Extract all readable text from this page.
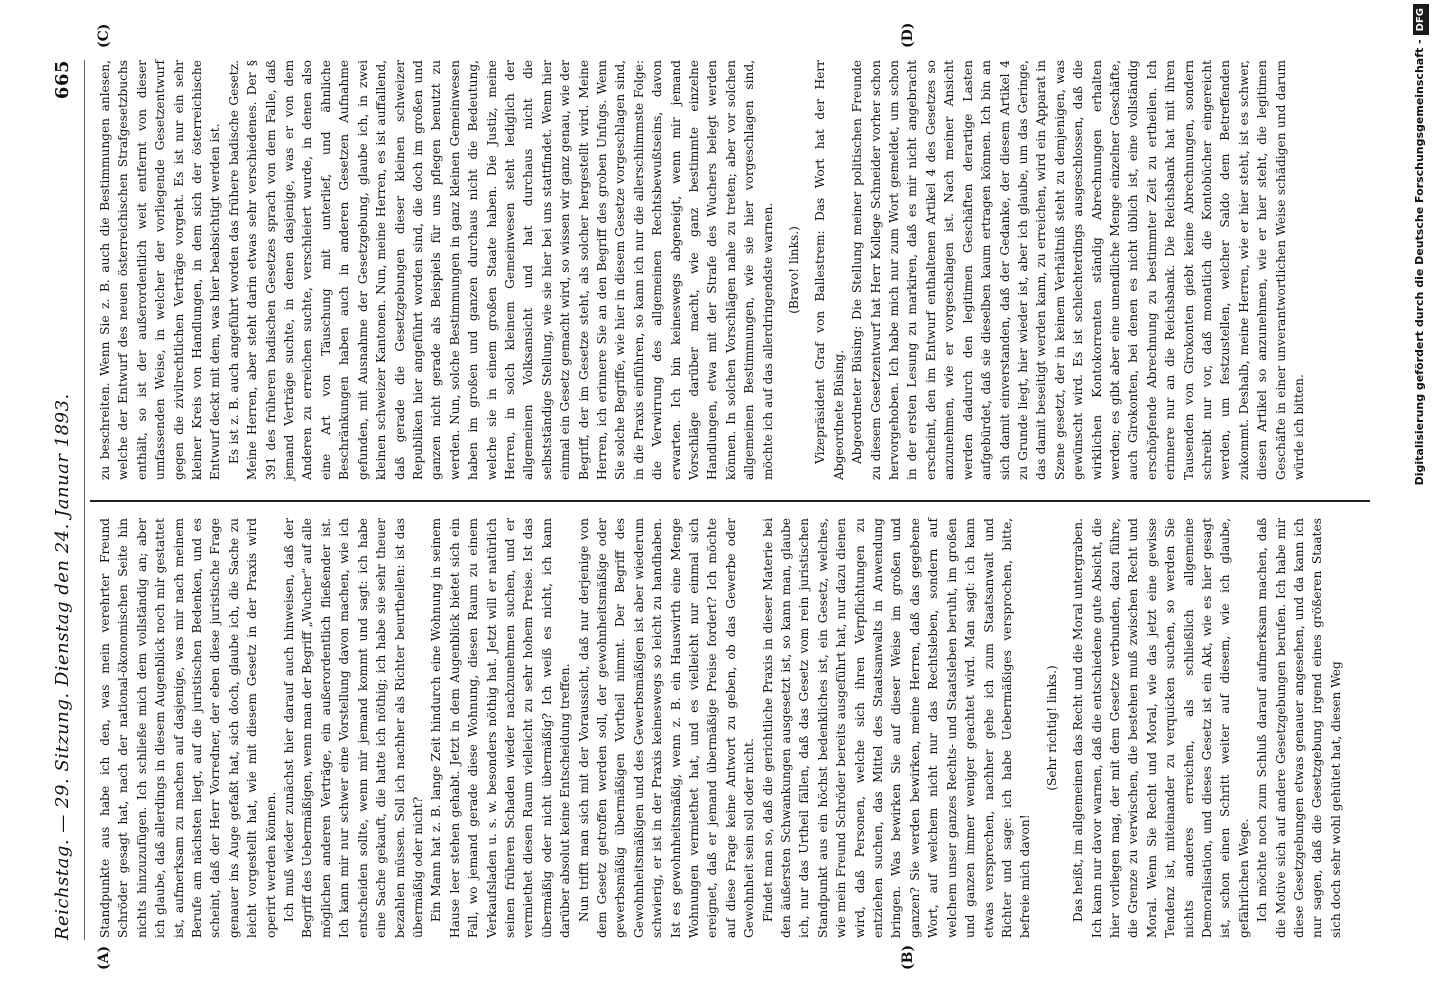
Reichstag. — 29. Sitzung. Dienstag den 24. Januar 1893.
665
(A)	(B)
(C)	(D)

Standpunkte aus habe ich den, was mein verehrter Freund Schröder gesagt hat, nach der national-ökonomischen Seite hin nichts hinzuzufügen. Ich schließe mich dem vollständig an; aber ich glaube, daß allerdings in diesem Augenblick noch mir gestattet ist, aufmerksam zu machen auf dasjenige, was mir nach meinem Berufe am nächsten liegt, auf die juristischen Bedenken, und es scheint, daß der Herr Vorredner, der eben diese juristische Frage genauer ins Auge gefaßt hat, sich doch, glaube ich, die Sache zu leicht vorgestellt hat, wie mit diesem Gesetz in der Praxis wird operirt werden können. Ich muß wieder zunächst hier darauf auch hinweisen, daß der Begriff des Uebermäßigen, wenn man der Begriff „Wucher“ auf alle möglichen anderen Verträge, ein außerordentlich fließender ist. Ich kann mir nur schwer eine Vorstellung davon machen, wie ich entscheiden sollte, wenn mir jemand kommt und sagt: ich habe eine Sache gekauft, die hatte ich nöthig; ich habe sie sehr theuer bezahlen müssen. Soll ich nachher als Richter beurtheilen: ist das übermäßig oder nicht? Ein Mann hat z. B. lange Zeit hindurch eine Wohnung in seinem Hause leer stehen gehabt. Jetzt in dem Augenblick bietet sich ein Fall, wo jemand gerade diese Wohnung, diesen Raum zu einem Verkaufsladen u. s. w. besonders nöthig hat. Jetzt will er natürlich seinen früheren Schaden wieder nachzunehmen suchen, und er vermiethet diesen Raum vielleicht zu sehr hohem Preise. Ist das übermäßig oder nicht übermäßig? Ich weiß es nicht, ich kann darüber absolut keine Entscheidung treffen. Nun trifft man sich mit der Voraussicht, daß nur derjenige von dem Gesetz getroffen werden soll, der gewohnheitsmäßige oder gewerbsmäßig übermäßigen Vortheil nimmt. Der Begriff des Gewohnheitsmäßigen und des Gewerbsmäßigen ist aber wiederum schwierig, er ist in der Praxis keineswegs so leicht zu handhaben. Ist es gewohnheitsmäßig, wenn z. B. ein Hauswirth eine Menge Wohnungen vermiethet hat, und es vielleicht nur einmal sich ereignet, daß er jemand übermäßige Preise fordert? Ich möchte auf diese Frage keine Antwort zu geben, ob das Gewerbe oder Gewohnheit sein soll oder nicht. Findet man so, daß die gerichtliche Praxis in dieser Materie bei den äußersten Schwankungen ausgesetzt ist, so kann man, glaube ich, nur das Urtheil fällen, daß das Gesetz vom rein juristischen Standpunkt aus ein höchst bedenkliches ist, ein Gesetz, welches, wie mein Freund Schröder bereits ausgeführt hat, nur dazu dienen wird, daß Personen, welche sich ihren Verpflichtungen zu entziehen suchen, das Mittel des Staatsanwalts in Anwendung bringen. Was bewirken Sie auf dieser Weise im großen und ganzen? Sie werden bewirken, meine Herren, daß das gegebene Wort, auf welchem nicht nur das Rechtsleben, sondern auf welchem unser ganzes Rechts- und Staatsleben beruht, im großen und ganzen immer weniger geachtet wird. Man sagt: ich kann etwas versprechen, nachher gehe ich zum Staatsanwalt und Richter und sage: ich habe Uebermäßiges versprochen, bitte, befreie mich davon!

(Sehr richtig! links.) Das heißt, im allgemeinen das Recht und die Moral untergraben. Ich kann nur davor warnen, daß die entschiedene gute Absicht, die hier vorliegen mag, der mit dem Gesetze verbunden, dazu führe, die Grenze zu verwischen, die bestehen muß zwischen Recht und Moral. Wenn Sie Recht und Moral, wie das jetzt eine gewisse Tendenz ist, miteinander zu verquicken suchen, so werden Sie nichts anderes erreichen, als schließlich allgemeine Demoralisation, und dieses Gesetz ist ein Akt, wie es hier gesagt ist, schon einen Schritt weiter auf diesem, wie ich glaube, gefährlichen Wege. Ich möchte noch zum Schluß darauf aufmerksam machen, daß die Motive sich auf andere Gesetzgebungen berufen. Ich habe mir diese Gesetzgebungen etwas genauer angesehen, und da kann ich nur sagen, daß die Gesetzgebung irgend eines größeren Staates sich doch sehr wohl gehütet hat, diesen Weg

zu beschreiten. Wenn Sie z. B. auch die Bestimmungen anlesen, welche der Entwurf des neuen österreichischen Strafgesetzbuchs enthält, so ist der außerordentlich weit entfernt von dieser umfassenden Weise, in welcher der vorliegende Gesetzentwurf gegen die zivilrechtlichen Verträge vorgeht. Es ist nur ein sehr kleiner Kreis von Handlungen, in dem sich der österreichische Entwurf deckt mit dem, was hier beabsichtigt werden ist. Es ist z. B. auch angeführt worden das frühere badische Gesetz. Meine Herren, aber steht darin etwas sehr verschiedenes. Der § 391 des früheren badischen Gesetzes sprach von dem Falle, daß jemand Verträge suchte, in denen dasjenige, was er von dem Anderen zu erreichen suchte, verschleiert wurde, in denen also eine Art von Täuschung mit unterlief, und ähnliche Beschränkungen haben auch in anderen Gesetzen Aufnahme gefunden, mit Ausnahme der Gesetzgebung, glaube ich, in zwei kleinen schweizer Kantonen. Nun, meine Herren, es ist auffallend, daß gerade die Gesetzgebungen dieser kleinen schweizer Republiken hier angeführt worden sind, die doch im großen und ganzen nicht gerade als Beispiels für uns pflegen benutzt zu werden. Nun, solche Bestimmungen in ganz kleinen Gemeinwesen haben im großen und ganzen durchaus nicht die Bedeutung, welche sie in einem großen Staate haben. Die Justiz, meine Herren, in solch kleinem Gemeinwesen steht lediglich der allgemeinen Volksansicht und hat durchaus nicht die selbstständige Stellung, wie sie hier bei uns stattfindet. Wenn hier einmal ein Gesetz gemacht wird, so wissen wir ganz genau, wie der Begriff, der im Gesetze steht, als solcher hergestellt wird. Meine Herren, ich erinnere Sie an den Begriff des groben Unfugs. Wenn Sie solche Begriffe, wie hier in diesem Gesetze vorgeschlagen sind, in die Praxis einführen, so kann ich nur die allerschlimmste Folge: die Verwirrung des allgemeinen Rechtsbewußtseins, davon erwarten. Ich bin keineswegs abgeneigt, wenn mir jemand Vorschläge darüber macht, wie ganz bestimmte einzelne Handlungen, etwa mit der Strafe des Wuchers belegt werden können. In solchen Vorschlägen nahe zu treten; aber vor solchen allgemeinen Bestimmungen, wie sie hier vorgeschlagen sind, möchte ich auf das allerdringendste warnen. (Bravo! links.) Vizepräsident Graf von Ballestrem: Das Wort hat der Herr Abgeordnete Büsing. Abgeordneter Büsing: Die Stellung meiner politischen Freunde zu diesem Gesetzentwurf hat Herr Kollege Schneider vorher schon hervorgehoben. Ich habe mich nur zum Wort gemeldet, um schon in der ersten Lesung zu markiren, daß es mir nicht angebracht erscheint, den im Entwurf enthaltenen Artikel 4 des Gesetzes so anzunehmen, wie er vorgeschlagen ist. Nach meiner Ansicht werden dadurch den legitimen Geschäften derartige Lasten aufgebürdet, daß sie dieselben kaum ertragen können. Ich bin an sich damit einverstanden, daß der Gedanke, der diesem Artikel 4 zu Grunde liegt, hier wieder ist, aber ich glaube, um das Geringe, das damit beseitigt werden kann, zu erreichen, wird ein Apparat in Szene gesetzt, der in keinem Verhältniß steht zu demjenigen, was gewünscht wird. Es ist schlechterdings ausgeschlossen, daß die wirklichen Kontokorrenten ständig Abrechnungen erhalten werden; es gibt aber eine unendliche Menge einzelner Geschäfte, auch Girokonten, bei denen es nicht üblich ist, eine vollständig erschöpfende Abrechnung zu bestimmter Zeit zu ertheilen. Ich erinnere nur an die Reichsbank. Die Reichsbank hat mit ihren Tausenden von Girokonten giebt keine Abrechnungen, sondern schreibt nur vor, daß monatlich die Kontobücher eingereicht werden, um festzustellen, welcher Saldo dem Betreffenden zukommt. Deshalb, meine Herren, wie er hier steht, ist es schwer, diesen Artikel so anzunehmen, wie er hier steht, die legitimen Geschäfte in einer unverantwortlichen Weise schädigen und darum würde ich bitten.	Digitalisierung gefördert durch die Deutsche Forschungsgemeinschaft -DFG
